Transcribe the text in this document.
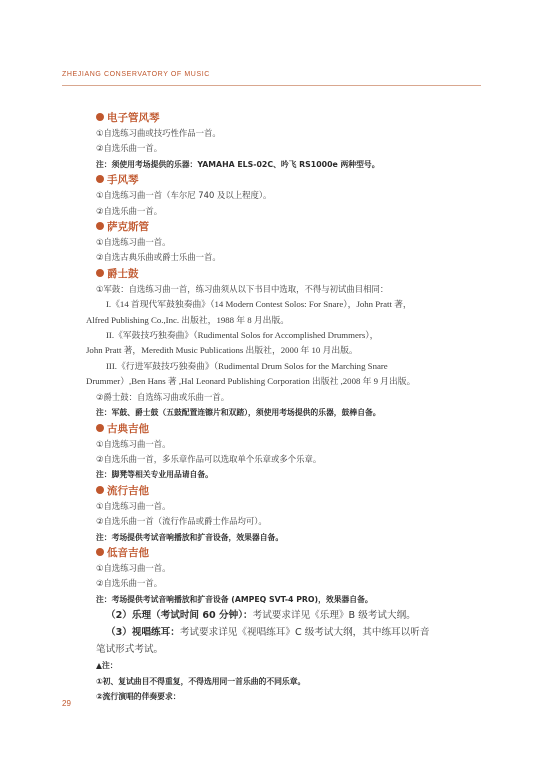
ZHEJIANG CONSERVATORY OF MUSIC
电子管风琴
①自选练习曲或技巧性作品一首。
②自选乐曲一首。
注：须使用考场提供的乐器：YAMAHA ELS-02C、吟飞 RS1000e 两种型号。
手风琴
①自选练习曲一首（车尔尼 740 及以上程度）。
②自选乐曲一首。
萨克斯管
①自选练习曲一首。
②自选古典乐曲或爵士乐曲一首。
爵士鼓
①军鼓：自选练习曲一首，练习曲须从以下书目中选取，不得与初试曲目相同：
I.《14 首现代军鼓独奏曲》（14 Modern Contest Solos: For Snare），John Pratt 著，
Alfred Publishing Co.,Inc. 出版社，1988 年 8 月出版。
II.《军鼓技巧独奏曲》（Rudimental Solos for Accomplished Drummers），
John Pratt 著，Meredith Music Publications 出版社，2000 年 10 月出版。
III.《行进军鼓技巧独奏曲》（Rudimental Drum Solos for the Marching Snare
Drummer）,Ben Hans 著 ,Hal Leonard Publishing Corporation 出版社 ,2008 年 9 月出版。
②爵士鼓：自选练习曲或乐曲一首。
注：军鼓、爵士鼓（五鼓配置连镲片和双踏），须使用考场提供的乐器，鼓棒自备。
古典吉他
①自选练习曲一首。
②自选乐曲一首，多乐章作品可以选取单个乐章或多个乐章。
注：脚凳等相关专业用品请自备。
流行吉他
①自选练习曲一首。
②自选乐曲一首（流行作品或爵士作品均可）。
注：考场提供考试音响播放和扩音设备，效果器自备。
低音吉他
①自选练习曲一首。
②自选乐曲一首。
注：考场提供考试音响播放和扩音设备 (AMPEQ SVT-4 PRO)，效果器自备。
（2）乐理（考试时间 60 分钟）：考试要求详见《乐理》B 级考试大纲。
（3）视唱练耳：考试要求详见《视唱练耳》C 级考试大纲，其中练耳以听音
笔试形式考试。
▲注：
①初、复试曲目不得重复，不得选用同一首乐曲的不同乐章。
②流行演唱的伴奏要求：
29
